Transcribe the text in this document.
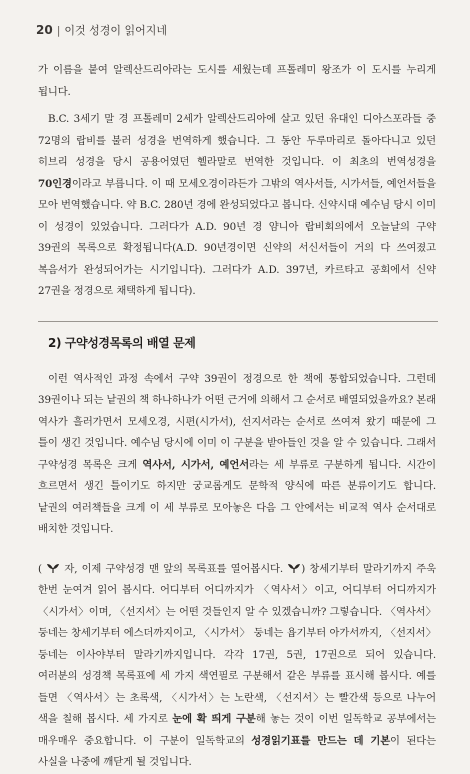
20 | 이것 성경이 읽어지네

가 이름을 붙여 알렉산드리아라는 도시를 세웠는데 프톨레미 왕조가 이 도시를 누리게 됩니다.

B.C. 3세기 말 경 프톨레미 2세가 알렉산드리아에 살고 있던 유대인 디아스포라들 중 72명의 랍비를 불러 성경을 번역하게 했습니다. 그 동안 두루마리로 돌아다니고 있던 히브리 성경을 당시 공용어였던 헬라말로 번역한 것입니다. 이 최초의 번역성경을 70인경이라고 부릅니다. 이 때 모세오경이라든가 그밖의 역사서들, 시가서들, 예언서들을 모아 번역했습니다. 약 B.C. 280년 경에 완성되었다고 봅니다. 신약시대 예수님 당시 이미 이 성경이 있었습니다. 그러다가 A.D. 90년 경 얌니아 랍비회의에서 오늘날의 구약 39권의 목록으로 확정됩니다(A.D. 90년경이면 신약의 서신서들이 거의 다 쓰여졌고 복음서가 완성되어가는 시기입니다). 그러다가 A.D. 397년, 카르타고 공회에서 신약 27권을 정경으로 채택하게 됩니다).

2) 구약성경목록의 배열 문제

이런 역사적인 과정 속에서 구약 39권이 정경으로 한 책에 통합되었습니다. 그런데 39권이나 되는 낱권의 책 하나하나가 어떤 근거에 의해서 그 순서로 배열되었을까요? 본래 역사가 흘러가면서 모세오경, 시편(시가서), 선지서라는 순서로 쓰여져 왔기 때문에 그 틀이 생긴 것입니다. 예수님 당시에 이미 이 구분을 받아들인 것을 알 수 있습니다. 그래서 구약성경 목록은 크게 역사서, 시가서, 예언서라는 세 부류로 구분하게 됩니다. 시간이 흐르면서 생긴 틀이기도 하지만 궁교롭게도 문학적 양식에 따른 분류이기도 합니다. 낱권의 여러책들을 크게 이 세 부류로 모아놓은 다음 그 안에서는 비교적 역사 순서대로 배치한 것입니다.

(  자, 이제 구약성경 맨 앞의 목록표를 열어봅시다. ) 창세기부터 말라기까지 주욱 한번 눈여겨 읽어 봅시다. 어디부터 어디까지가 〈역사서〉이고, 어디부터 어디까지가 〈시가서〉이며, 〈선지서〉는 어떤 것들인지 알 수 있겠습니까? 그렇습니다. 〈역사서〉 둥네는 창세기부터 에스더까지이고, 〈시가서〉 둥네는 욥기부터 아가서까지, 〈선지서〉 둥네는 이사야부터 말라기까지입니다. 각각 17권, 5권, 17권으로 되어 있습니다. 여러분의 성경책 목록표에 세 가지 색연필로 구분해서 같은 부류를 표시해 봅시다. 예를 들면 〈역사서〉는 초록색, 〈시가서〉는 노란색, 〈선지서〉는 빨간색 등으로 나누어 색을 칠해 봅시다. 세 가지로 눈에 확 띄게 구분해 놓는 것이 이번 일독학교 공부에서는 매우매우 중요합니다. 이 구분이 일독학교의 성경읽기표를 만드는 데 기본이 된다는 사실을 나중에 깨닫게 될 것입니다.
